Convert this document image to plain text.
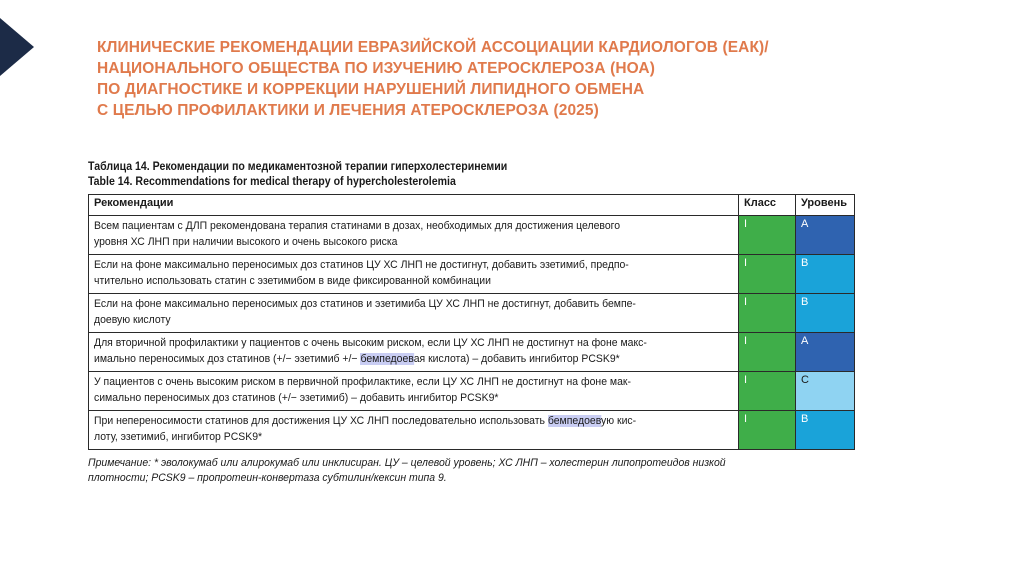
КЛИНИЧЕСКИЕ РЕКОМЕНДАЦИИ ЕВРАЗИЙСКОЙ АССОЦИАЦИИ КАРДИОЛОГОВ (ЕАК)/
НАЦИОНАЛЬНОГО ОБЩЕСТВА ПО ИЗУЧЕНИЮ АТЕРОСКЛЕРОЗА (НОА)
ПО ДИАГНОСТИКЕ И КОРРЕКЦИИ НАРУШЕНИЙ ЛИПИДНОГО ОБМЕНА
С ЦЕЛЬЮ ПРОФИЛАКТИКИ И ЛЕЧЕНИЯ АТЕРОСКЛЕРОЗА (2025)
Таблица 14. Рекомендации по медикаментозной терапии гиперхолестеринемии
Table 14. Recommendations for medical therapy of hypercholesterolemia
Рекомендации	Класс	Уровень

Всем пациентам с ДЛП рекомендована терапия статинами в дозах, необходимых для достижения целевого
уровня ХС ЛНП при наличии высокого и очень высокого риска	I	A

Если на фоне максимально переносимых доз статинов ЦУ ХС ЛНП не достигнут, добавить эзетимиб, предпо-
чтительно использовать статин с эзетимибом в виде фиксированной комбинации	I	B

Если на фоне максимально переносимых доз статинов и эзетимиба ЦУ ХС ЛНП не достигнут, добавить бемпе-
доевую кислоту	I	B

Для вторичной профилактики у пациентов с очень высоким риском, если ЦУ ХС ЛНП не достигнут на фоне макс-
имально переносимых доз статинов (+/− эзетимиб +/− бемпедоевая кислота) – добавить ингибитор PCSK9*	I	A

У пациентов с очень высоким риском в первичной профилактике, если ЦУ ХС ЛНП не достигнут на фоне мак-
симально переносимых доз статинов (+/− эзетимиб) – добавить ингибитор PCSK9*	I	C

При непереносимости статинов для достижения ЦУ ХС ЛНП последовательно использовать бемпедоевую кис-
лоту, эзетимиб, ингибитор PCSK9*	I	B
Примечание: * эволокумаб или алирокумаб или инклисиран. ЦУ – целевой уровень; ХС ЛНП – холестерин липопротеидов низкой
плотности; PCSK9 – пропротеин-конвертаза субтилин/кексин типа 9.
